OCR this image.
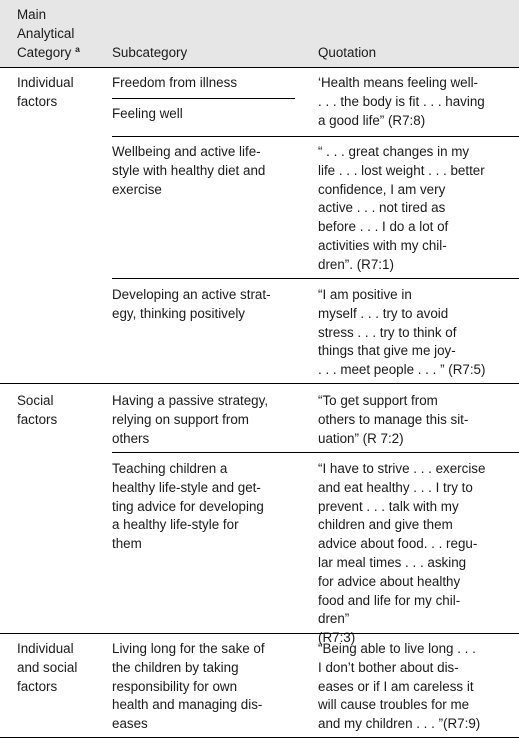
Main
Analytical
Category $^a$	Subcategory	Quotation
Individual
factors
Freedom from illness
Feeling well
‘Health means feeling well-
. . . the body is fit . . . having
a good life” (R7:8)
Wellbeing and active life-
style with healthy diet and
exercise
“ . . . great changes in my
life . . . lost weight . . . better
confidence, I am very
active . . . not tired as
before . . . I do a lot of
activities with my chil-
dren”. (R7:1)
Developing an active strat-
egy, thinking positively
“I am positive in
myself . . . try to avoid
stress . . . try to think of
things that give me joy-
. . . meet people . . . ” (R7:5)
Social
factors
Having a passive strategy,
relying on support from
others
“To get support from
others to manage this sit-
uation” (R 7:2)
Teaching children a
healthy life-style and get-
ting advice for developing
a healthy life-style for
them
“I have to strive . . . exercise
and eat healthy . . . I try to
prevent . . . talk with my
children and give them
advice about food. . . regu-
lar meal times . . . asking
for advice about healthy
food and life for my chil-
dren”
(R7:3)
Individual
and social
factors
Living long for the sake of
the children by taking
responsibility for own
health and managing dis-
eases
“Being able to live long . . .
I don’t bother about dis-
eases or if I am careless it
will cause troubles for me
and my children . . . ”(R7:9)
